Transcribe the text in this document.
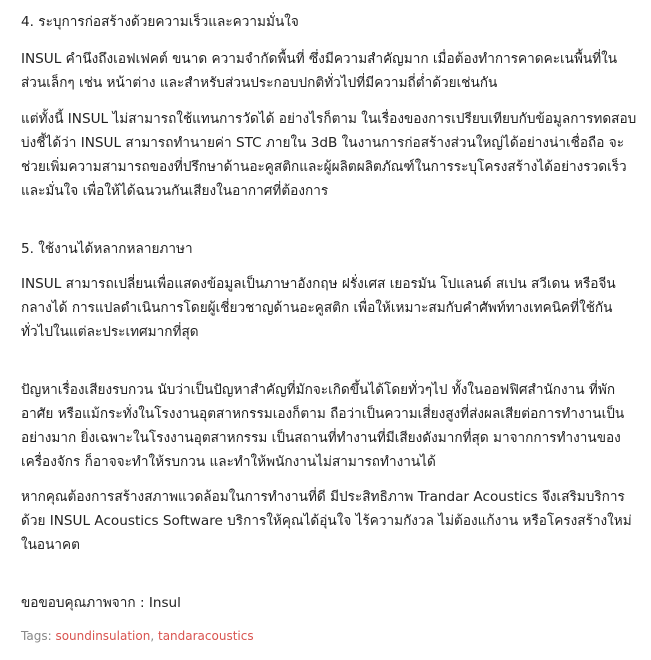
4. ระบุการก่อสร้างด้วยความเร็วและความมั่นใจ

INSUL คำนึงถึงเอฟเฟคต์ ขนาด ความจำกัดพื้นที่ ซึ่งมีความสำคัญมาก เมื่อต้องทำการคาดคะเนพื้นที่ในส่วนเล็กๆ เช่น หน้าต่าง และสำหรับส่วนประกอบปกติทั่วไปที่มีความถี่ต่ำด้วยเช่นกัน

แต่ทั้งนี้ INSUL ไม่สามารถใช้แทนการวัดได้ อย่างไรก็ตาม ในเรื่องของการเปรียบเทียบกับข้อมูลการทดสอบบ่งชี้ได้ว่า INSUL สามารถทำนายค่า STC ภายใน 3dB ในงานการก่อสร้างส่วนใหญ่ได้อย่างน่าเชื่อถือ จะช่วยเพิ่มความสามารถของที่ปรึกษาด้านอะคูสติกและผู้ผลิตผลิตภัณฑ์ในการระบุโครงสร้างได้อย่างรวดเร็วและมั่นใจ เพื่อให้ได้ฉนวนกันเสียงในอากาศที่ต้องการ

5. ใช้งานได้หลากหลายภาษา

INSUL สามารถเปลี่ยนเพื่อแสดงข้อมูลเป็นภาษาอังกฤษ ฝรั่งเศส เยอรมัน โปแลนด์ สเปน สวีเดน หรือจีนกลางได้ การแปลดำเนินการโดยผู้เชี่ยวชาญด้านอะคูสติก เพื่อให้เหมาะสมกับคำศัพท์ทางเทคนิคที่ใช้กันทั่วไปในแต่ละประเทศมากที่สุด

ปัญหาเรื่องเสียงรบกวน นับว่าเป็นปัญหาสำคัญที่มักจะเกิดขึ้นได้โดยทั่วๆไป ทั้งในออฟฟิศสำนักงาน ที่พักอาศัย หรือแม้กระทั่งในโรงงานอุตสาหกรรมเองก็ตาม ถือว่าเป็นความเสี่ยงสูงที่ส่งผลเสียต่อการทำงานเป็นอย่างมาก ยิ่งเฉพาะในโรงงานอุตสาหกรรม เป็นสถานที่ทำงานที่มีเสียงดังมากที่สุด มาจากการทำงานของเครื่องจักร ก็อาจจะทำให้รบกวน และทำให้พนักงานไม่สามารถทำงานได้

หากคุณต้องการสร้างสภาพแวดล้อมในการทำงานที่ดี มีประสิทธิภาพ Trandar Acoustics จึงเสริมบริการด้วย INSUL Acoustics Software บริการให้คุณได้อุ่นใจ ไร้ความกังวล ไม่ต้องแก้งาน หรือโครงสร้างใหม่ในอนาคต

ขอขอบคุณภาพจาก : Insul

Tags: soundinsulation, tandaracoustics
